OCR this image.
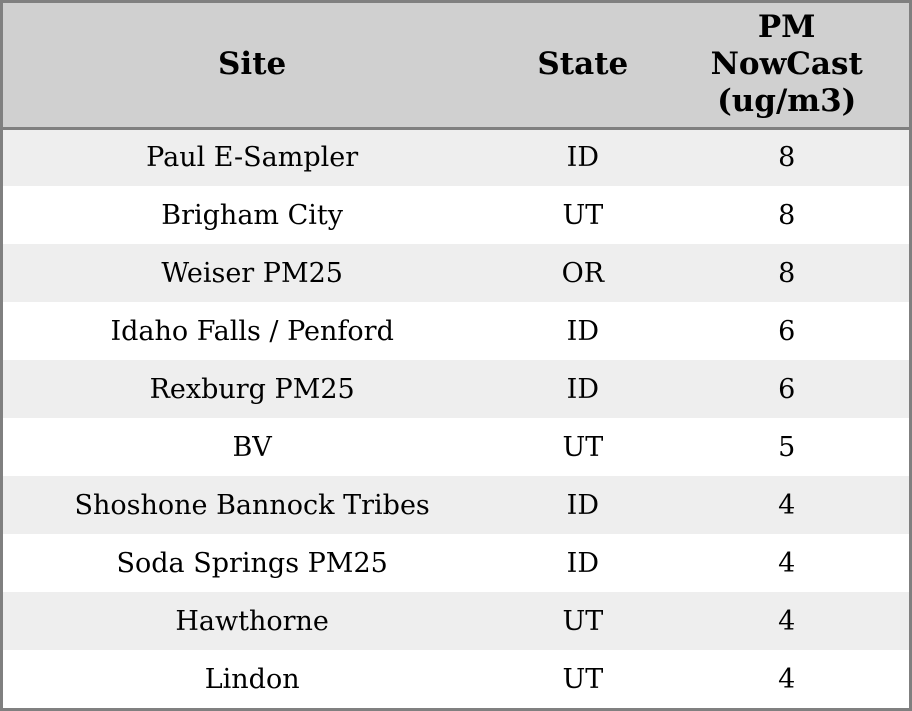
Site	State	PM
NowCast
(ug/m3)

Paul E-Sampler	ID	8
Brigham City	UT	8
Weiser PM25	OR	8
Idaho Falls / Penford	ID	6
Rexburg PM25	ID	6
BV	UT	5
Shoshone Bannock Tribes	ID	4
Soda Springs PM25	ID	4
Hawthorne	UT	4
Lindon	UT	4
